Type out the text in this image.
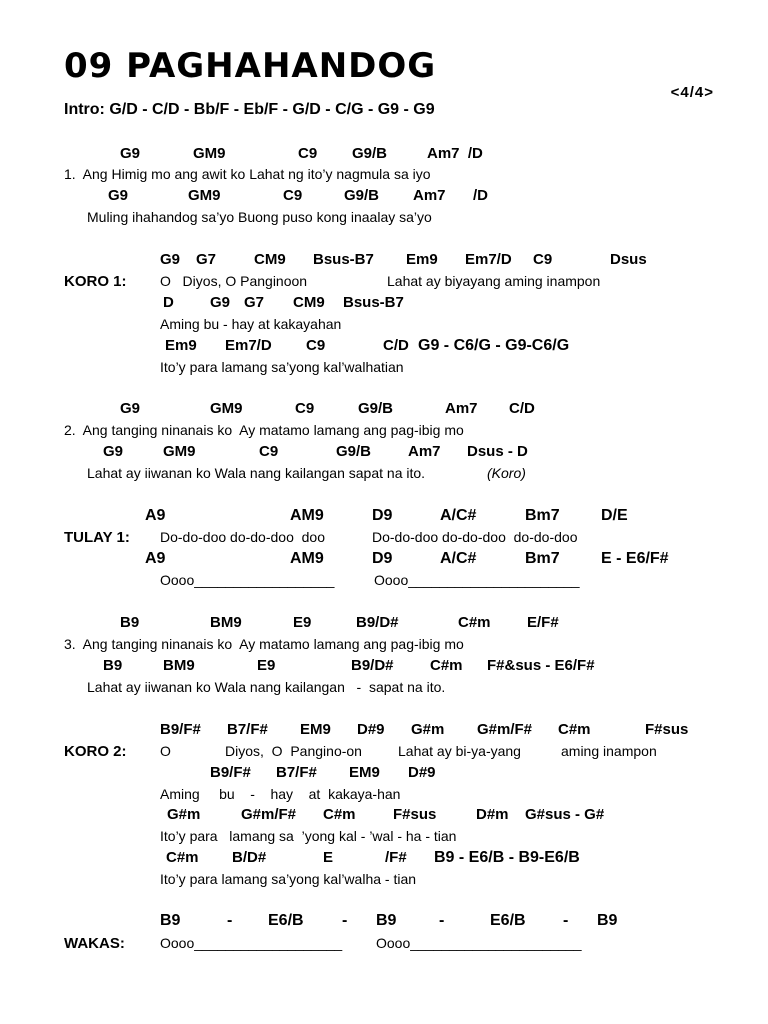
09 PAGHAHANDOG
<4/4>
Intro: G/D - C/D - Bb/F - Eb/F - G/D - C/G - G9 - G9
G9	GM9	C9 G9/B	Am7  /D
1.  Ang Himig mo ang awit ko Lahat ng ito’y nagmula sa iyo
G9	GM9	C9	G9/B Am7 /D
Muling ihahandog sa’yo Buong puso kong inaalay sa’yo
G9 G7	CM9 Bsus-B7 Em9 Em7/D C9	Dsus
KORO 1: O   Diyos, O Panginoon	Lahat ay biyayang aming inampon
D G9 G7 CM9 Bsus-B7
Aming bu - hay at kakayahan
Em9 Em7/D C9	C/D G9 - C6/G - G9-C6/G
Ito’y para lamang sa’yong kal’walhatian
G9	GM9	C9	G9/B	Am7 C/D
2.  Ang tanging ninanais ko  Ay matamo lamang ang pag-ibig mo
G9	GM9	C9	G9/B Am7 Dsus - D
Lahat ay iiwanan ko Wala nang kailangan sapat na ito.	(Koro)
A9	AM9	D9	A/C#	Bm7	D/E
TULAY 1: Do-do-doo do-do-doo  doo	Do-do-doo do-do-doo  do-do-doo
A9	AM9	D9	A/C#	Bm7	E - E6/F#
Oooo__________________	Oooo______________________
B9	BM9	E9	B9/D#	C#m E/F#
3.  Ang tanging ninanais ko  Ay matamo lamang ang pag-ibig mo
B9	BM9	E9	B9/D# C#m F#&sus - E6/F#
Lahat ay iiwanan ko Wala nang kailangan   -  sapat na ito.
B9/F# B7/F# EM9 D#9 G#m G#m/F# C#m	F#sus
KORO 2: O	Diyos,  O  Pangino-on	Lahat ay bi-ya-yang	aming inampon
B9/F# B7/F# EM9 D#9
Aming     bu    -    hay    at  kakaya-han
G#m	G#m/F# C#m F#sus	D#m G#sus - G#
Ito’y para   lamang sa  ’yong kal - ’wal - ha - tian
C#m B/D#	E	/F# B9 - E6/B - B9-E6/B
Ito’y para lamang sa’yong kal’walha - tian
B9	- E6/B - B9	-	E6/B - B9
WAKAS:	Oooo___________________ Oooo______________________
